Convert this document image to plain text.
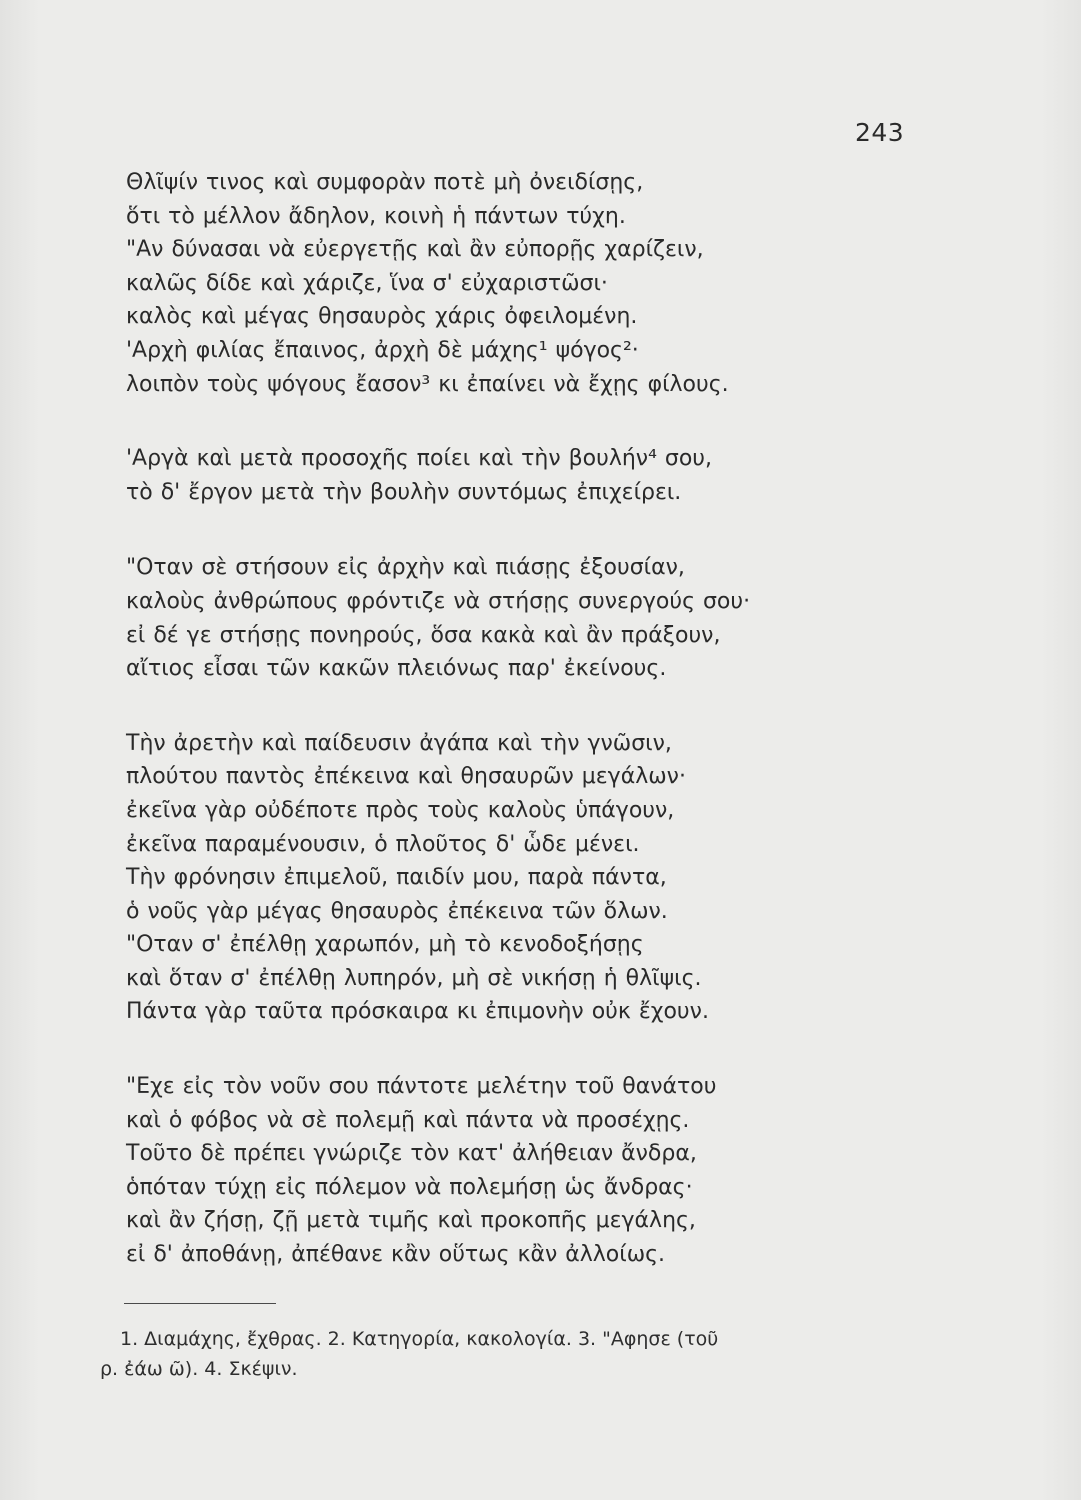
243
Θλῖψίν τινος καὶ συμφορὰν ποτὲ μὴ ὀνειδίσῃς,
ὅτι τὸ μέλλον ἄδηλον, κοινὴ ἡ πάντων τύχη.
"Αν δύνασαι νὰ εὐεργετῇς καὶ ἂν εὐπορῇς χαρίζειν,
καλῶς δίδε καὶ χάριζε, ἵνα σ' εὐχαριστῶσι·
καλὸς καὶ μέγας θησαυρὸς χάρις ὀφειλομένη.
'Αρχὴ φιλίας ἔπαινος, ἀρχὴ δὲ μάχης¹ ψόγος²·
λοιπὸν τοὺς ψόγους ἔασον³ κι ἐπαίνει νὰ ἔχῃς φίλους.
'Αργὰ καὶ μετὰ προσοχῆς ποίει καὶ τὴν βουλήν⁴ σου,
τὸ δ' ἔργον μετὰ τὴν βουλὴν συντόμως ἐπιχείρει.
"Οταν σὲ στήσουν εἰς ἀρχὴν καὶ πιάσῃς ἐξουσίαν,
καλοὺς ἀνθρώπους φρόντιζε νὰ στήσῃς συνεργούς σου·
εἰ δέ γε στήσῃς πονηρούς, ὅσα κακὰ καὶ ἂν πράξουν,
αἴτιος εἶσαι τῶν κακῶν πλειόνως παρ' ἐκείνους.
Τὴν ἀρετὴν καὶ παίδευσιν ἀγάπα καὶ τὴν γνῶσιν,
πλούτου παντὸς ἐπέκεινα καὶ θησαυρῶν μεγάλων·
ἐκεῖνα γὰρ οὐδέποτε πρὸς τοὺς καλοὺς ὑπάγουν,
ἐκεῖνα παραμένουσιν, ὁ πλοῦτος δ' ὧδε μένει.
Τὴν φρόνησιν ἐπιμελοῦ, παιδίν μου, παρὰ πάντα,
ὁ νοῦς γὰρ μέγας θησαυρὸς ἐπέκεινα τῶν ὅλων.
"Οταν σ' ἐπέλθῃ χαρωπόν, μὴ τὸ κενοδοξήσῃς
καὶ ὅταν σ' ἐπέλθῃ λυπηρόν, μὴ σὲ νικήσῃ ἡ θλῖψις.
Πάντα γὰρ ταῦτα πρόσκαιρα κι ἐπιμονὴν οὐκ ἔχουν.
"Εχε εἰς τὸν νοῦν σου πάντοτε μελέτην τοῦ θανάτου
καὶ ὁ φόβος νὰ σὲ πολεμῇ καὶ πάντα νὰ προσέχῃς.
Τοῦτο δὲ πρέπει γνώριζε τὸν κατ' ἀλήθειαν ἄνδρα,
ὁπόταν τύχῃ εἰς πόλεμον νὰ πολεμήσῃ ὡς ἄνδρας·
καὶ ἂν ζήσῃ, ζῇ μετὰ τιμῆς καὶ προκοπῆς μεγάλης,
εἰ δ' ἀποθάνῃ, ἀπέθανε κἂν οὕτως κἂν ἀλλοίως.
1. Διαμάχης, ἔχθρας. 2. Κατηγορία, κακολογία. 3. "Αφησε (τοῦ
ρ. ἐάω ῶ). 4. Σκέψιν.
